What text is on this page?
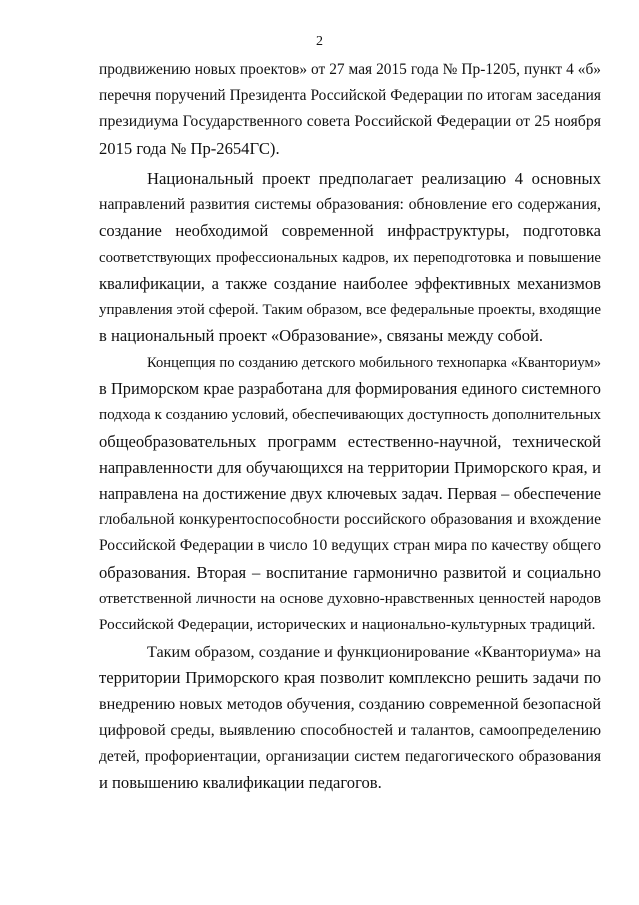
2
продвижению новых проектов» от 27 мая 2015 года № Пр-1205, пункт 4 «б»
перечня поручений Президента Российской Федерации по итогам заседания
президиума Государственного совета Российской Федерации от 25 ноября
2015 года № Пр-2654ГС).
Национальный проект предполагает реализацию 4 основных
направлений развития системы образования: обновление его содержания,
создание необходимой современной инфраструктуры, подготовка
соответствующих профессиональных кадров, их переподготовка и повышение
квалификации, а также создание наиболее эффективных механизмов
управления этой сферой. Таким образом, все федеральные проекты, входящие
в национальный проект «Образование», связаны между собой.
Концепция по созданию детского мобильного технопарка «Кванториум»
в Приморском крае разработана для формирования единого системного
подхода к созданию условий, обеспечивающих доступность дополнительных
общеобразовательных программ естественно-научной, технической
направленности для обучающихся на территории Приморского края, и
направлена на достижение двух ключевых задач. Первая – обеспечение
глобальной конкурентоспособности российского образования и вхождение
Российской Федерации в число 10 ведущих стран мира по качеству общего
образования. Вторая – воспитание гармонично развитой и социально
ответственной личности на основе духовно-нравственных ценностей народов
Российской Федерации, исторических и национально-культурных традиций.
Таким образом, создание и функционирование «Кванториума» на
территории Приморского края позволит комплексно решить задачи по
внедрению новых методов обучения, созданию современной безопасной
цифровой среды, выявлению способностей и талантов, самоопределению
детей, профориентации, организации систем педагогического образования
и повышению квалификации педагогов.
